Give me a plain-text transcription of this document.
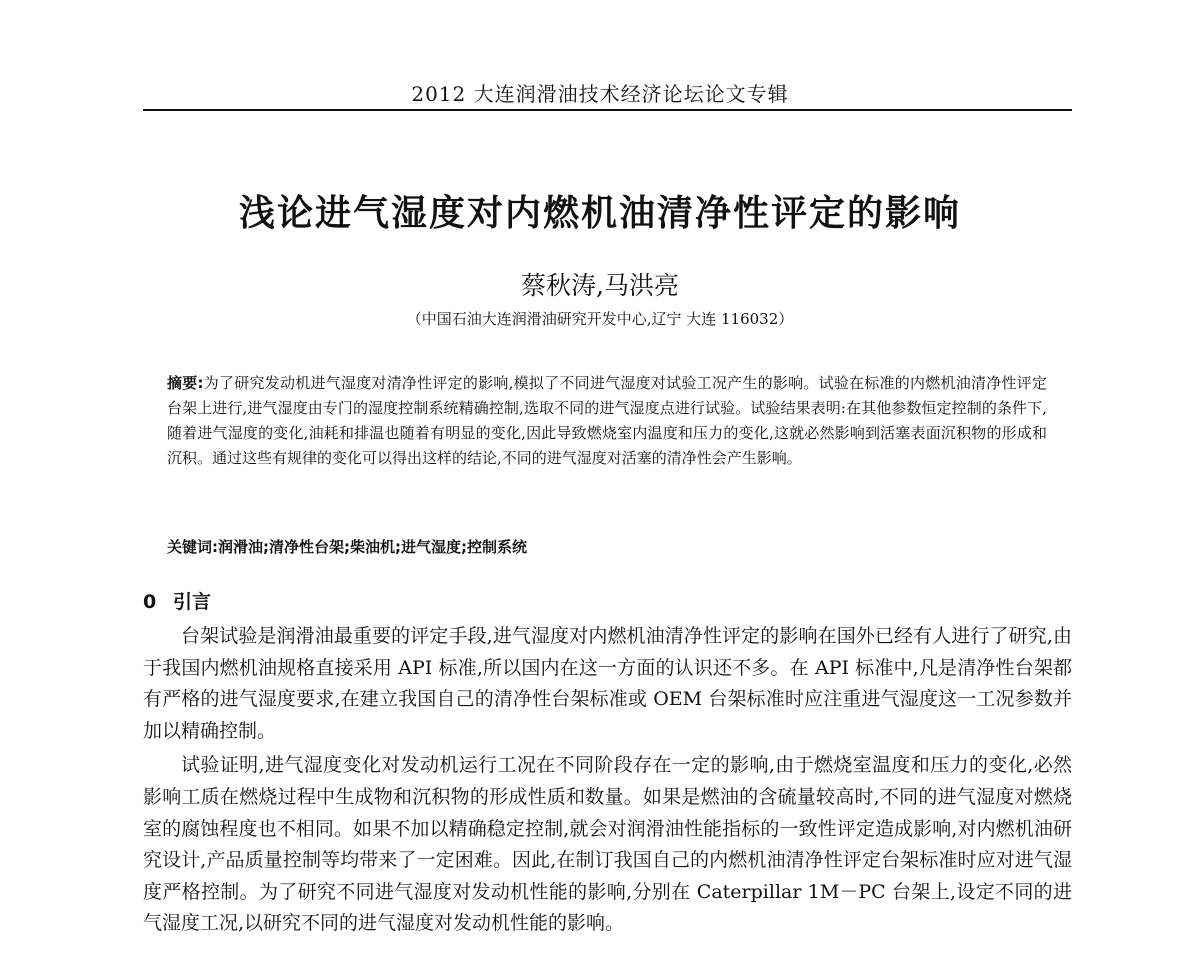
2012 大连润滑油技术经济论坛论文专辑
浅论进气湿度对内燃机油清净性评定的影响
蔡秋涛,马洪亮
（中国石油大连润滑油研究开发中心,辽宁 大连 116032）
摘要:为了研究发动机进气湿度对清净性评定的影响,模拟了不同进气湿度对试验工况产生的影响。试验在标准的内燃机油清净性评定台架上进行,进气湿度由专门的湿度控制系统精确控制,选取不同的进气湿度点进行试验。试验结果表明:在其他参数恒定控制的条件下,随着进气湿度的变化,油耗和排温也随着有明显的变化,因此导致燃烧室内温度和压力的变化,这就必然影响到活塞表面沉积物的形成和沉积。通过这些有规律的变化可以得出这样的结论,不同的进气湿度对活塞的清净性会产生影响。
关键词:润滑油;清净性台架;柴油机;进气湿度;控制系统
0 引言

台架试验是润滑油最重要的评定手段,进气湿度对内燃机油清净性评定的影响在国外已经有人进行了研究,由于我国内燃机油规格直接采用 API 标准,所以国内在这一方面的认识还不多。在 API 标准中,凡是清净性台架都有严格的进气湿度要求,在建立我国自己的清净性台架标准或 OEM 台架标准时应注重进气湿度这一工况参数并加以精确控制。

试验证明,进气湿度变化对发动机运行工况在不同阶段存在一定的影响,由于燃烧室温度和压力的变化,必然影响工质在燃烧过程中生成物和沉积物的形成性质和数量。如果是燃油的含硫量较高时,不同的进气湿度对燃烧室的腐蚀程度也不相同。如果不加以精确稳定控制,就会对润滑油性能指标的一致性评定造成影响,对内燃机油研究设计,产品质量控制等均带来了一定困难。因此,在制订我国自己的内燃机油清净性评定台架标准时应对进气湿度严格控制。为了研究不同进气湿度对发动机性能的影响,分别在 Caterpillar 1M－PC 台架上,设定不同的进气湿度工况,以研究不同的进气湿度对发动机性能的影响。
